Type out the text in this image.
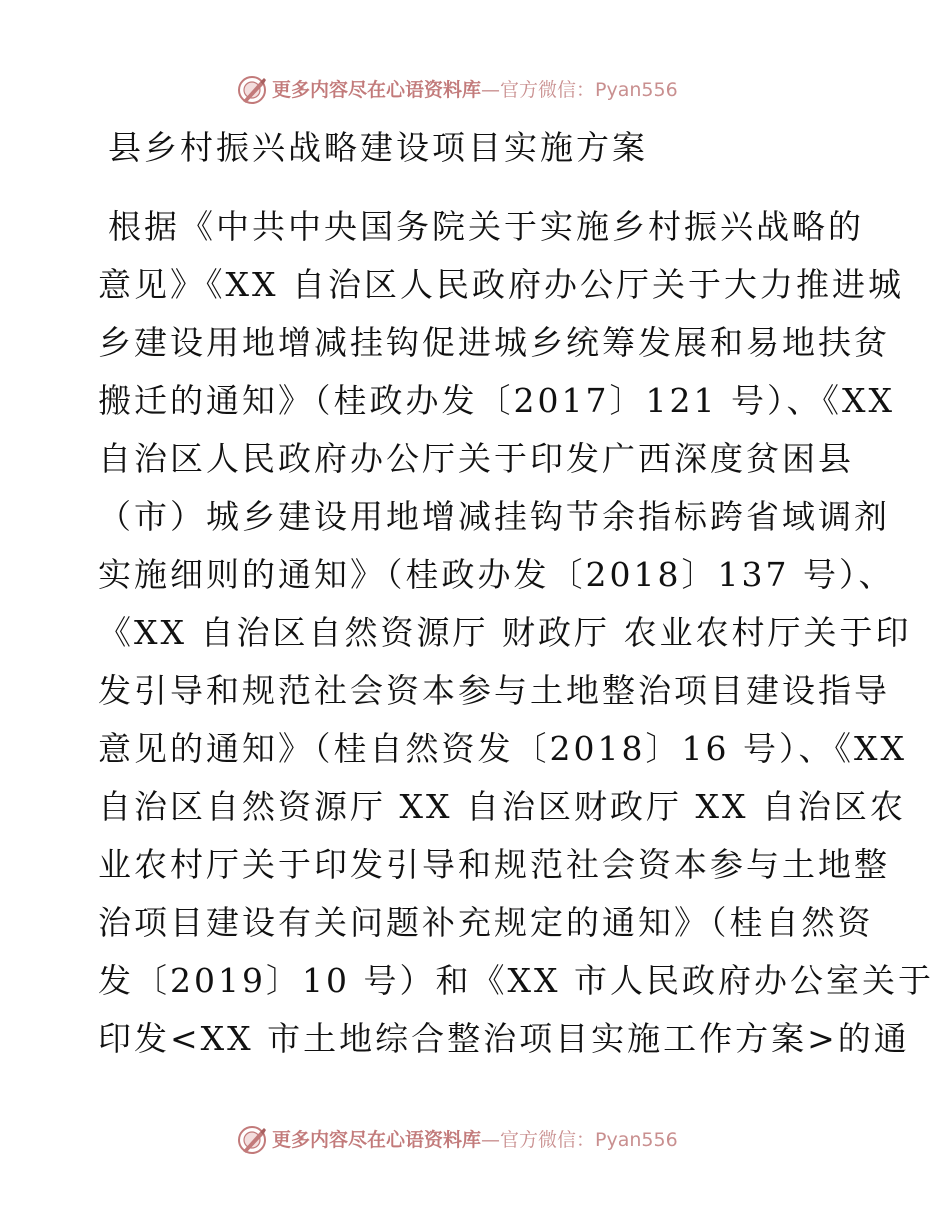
更多内容尽在心语资料库—官方微信：Pyan556
县乡村振兴战略建设项目实施方案
根据《中共中央国务院关于实施乡村振兴战略的
意见》《XX 自治区人民政府办公厅关于大力推进城
乡建设用地增减挂钩促进城乡统筹发展和易地扶贫
搬迁的通知》（桂政办发〔2017〕121 号）、《XX
自治区人民政府办公厅关于印发广西深度贫困县
（市）城乡建设用地增减挂钩节余指标跨省域调剂
实施细则的通知》（桂政办发〔2018〕137 号）、
《XX 自治区自然资源厅 财政厅 农业农村厅关于印
发引导和规范社会资本参与土地整治项目建设指导
意见的通知》（桂自然资发〔2018〕16 号）、《XX
自治区自然资源厅 XX 自治区财政厅 XX 自治区农
业农村厅关于印发引导和规范社会资本参与土地整
治项目建设有关问题补充规定的通知》（桂自然资
发〔2019〕10 号）和《XX 市人民政府办公室关于
印发<XX 市土地综合整治项目实施工作方案>的通
更多内容尽在心语资料库—官方微信：Pyan556
